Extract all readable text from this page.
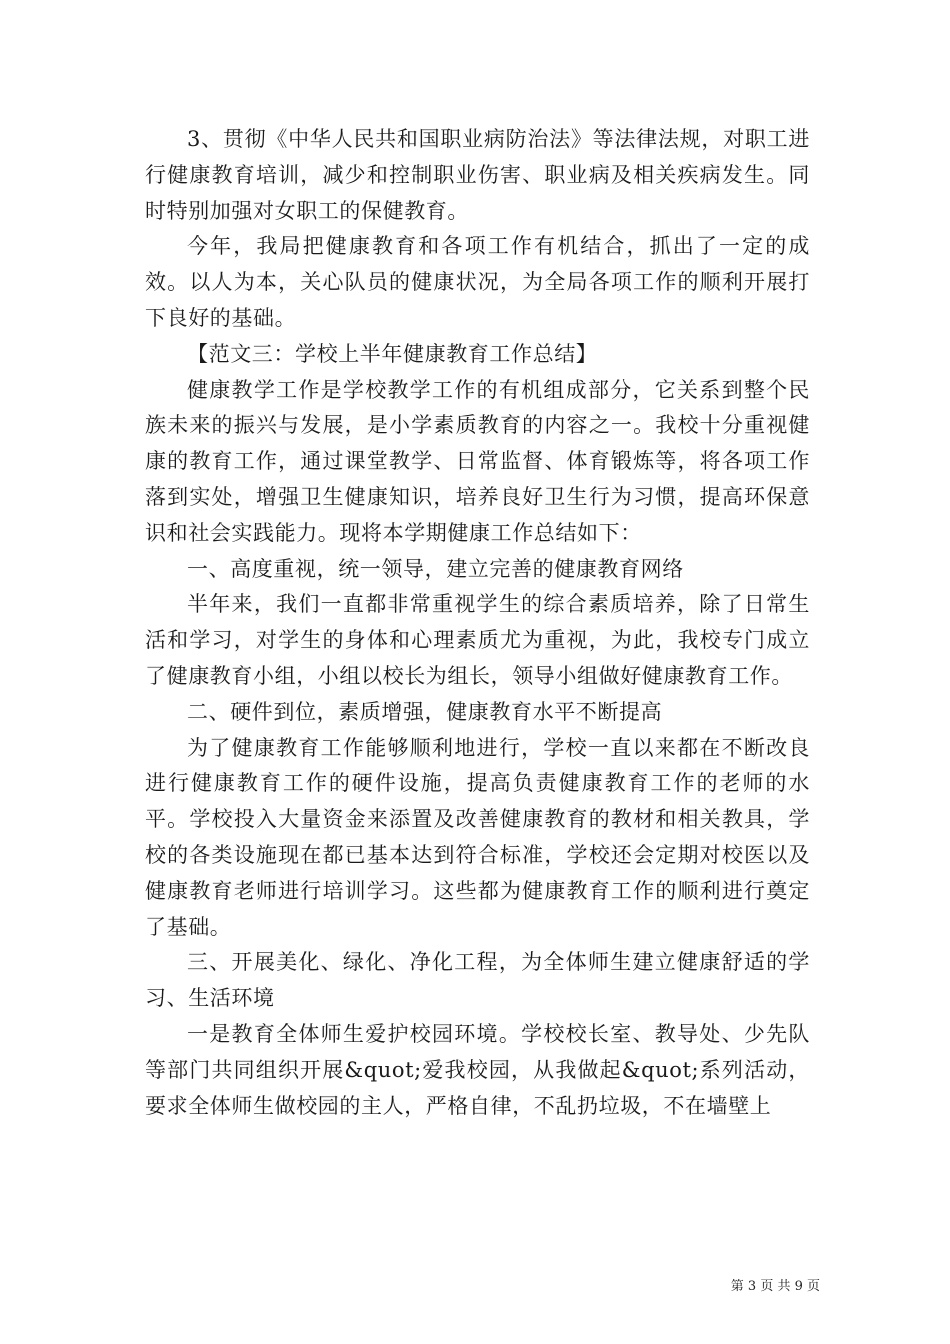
3、贯彻《中华人民共和国职业病防治法》等法律法规，对职工进行健康教育培训，减少和控制职业伤害、职业病及相关疾病发生。同时特别加强对女职工的保健教育。

今年，我局把健康教育和各项工作有机结合，抓出了一定的成效。以人为本，关心队员的健康状况，为全局各项工作的顺利开展打下良好的基础。

【范文三：学校上半年健康教育工作总结】

健康教学工作是学校教学工作的有机组成部分，它关系到整个民族未来的振兴与发展，是小学素质教育的内容之一。我校十分重视健康的教育工作，通过课堂教学、日常监督、体育锻炼等，将各项工作落到实处，增强卫生健康知识，培养良好卫生行为习惯，提高环保意识和社会实践能力。现将本学期健康工作总结如下：

一、高度重视，统一领导，建立完善的健康教育网络

半年来，我们一直都非常重视学生的综合素质培养，除了日常生活和学习，对学生的身体和心理素质尤为重视，为此，我校专门成立了健康教育小组，小组以校长为组长，领导小组做好健康教育工作。

二、硬件到位，素质增强，健康教育水平不断提高

为了健康教育工作能够顺利地进行，学校一直以来都在不断改良进行健康教育工作的硬件设施，提高负责健康教育工作的老师的水平。学校投入大量资金来添置及改善健康教育的教材和相关教具，学校的各类设施现在都已基本达到符合标准，学校还会定期对校医以及健康教育老师进行培训学习。这些都为健康教育工作的顺利进行奠定了基础。

三、开展美化、绿化、净化工程，为全体师生建立健康舒适的学习、生活环境

一是教育全体师生爱护校园环境。学校校长室、教导处、少先队等部门共同组织开展&quot;爱我校园，从我做起&quot;系列活动，要求全体师生做校园的主人，严格自律，不乱扔垃圾，不在墙壁上

第 3 页 共 9 页
